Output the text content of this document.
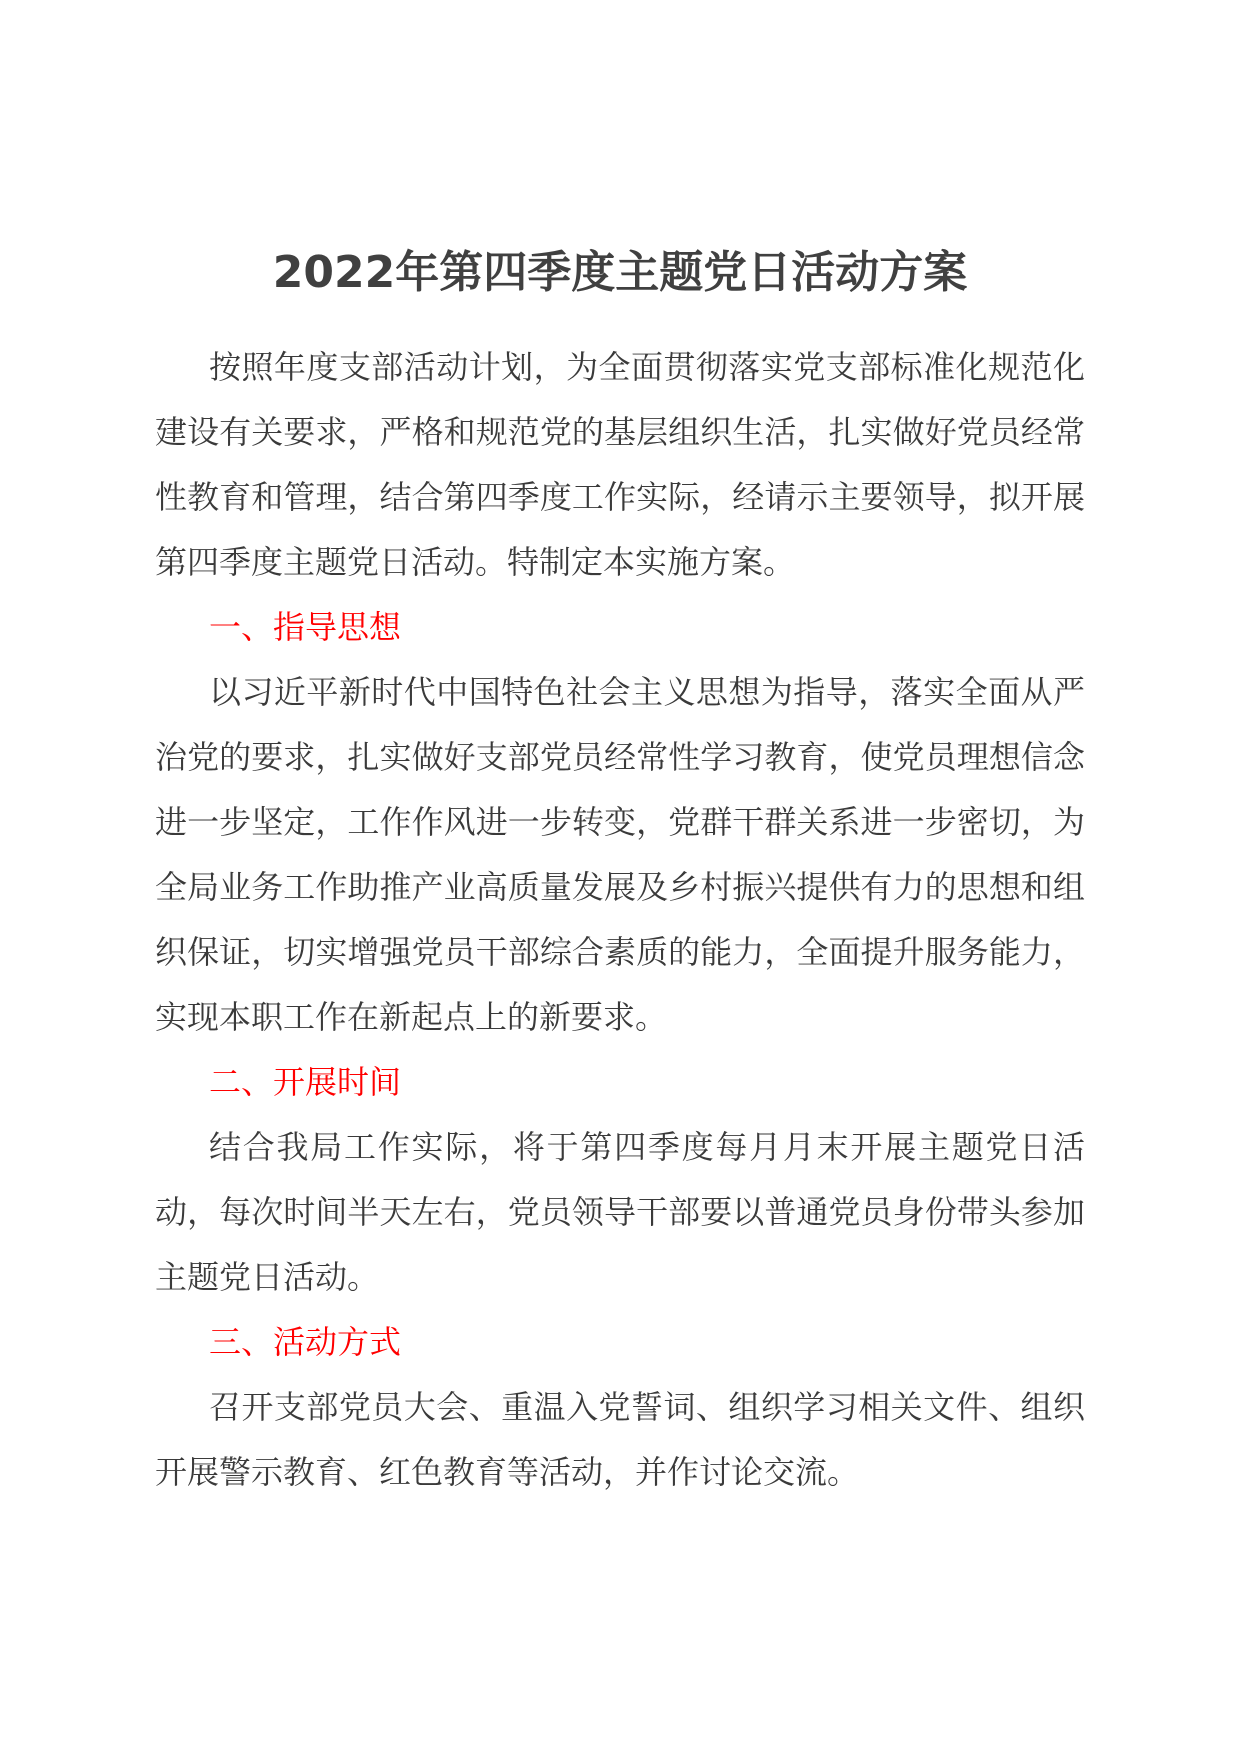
2022年第四季度主题党日活动方案

按照年度支部活动计划，为全面贯彻落实党支部标准化规范化建设有关要求，严格和规范党的基层组织生活，扎实做好党员经常性教育和管理，结合第四季度工作实际，经请示主要领导，拟开展第四季度主题党日活动。特制定本实施方案。

一、指导思想

以习近平新时代中国特色社会主义思想为指导，落实全面从严治党的要求，扎实做好支部党员经常性学习教育，使党员理想信念进一步坚定，工作作风进一步转变，党群干群关系进一步密切，为全局业务工作助推产业高质量发展及乡村振兴提供有力的思想和组织保证，切实增强党员干部综合素质的能力，全面提升服务能力，实现本职工作在新起点上的新要求。

二、开展时间

结合我局工作实际，将于第四季度每月月末开展主题党日活动，每次时间半天左右，党员领导干部要以普通党员身份带头参加主题党日活动。

三、活动方式

召开支部党员大会、重温入党誓词、组织学习相关文件、组织开展警示教育、红色教育等活动，并作讨论交流。
